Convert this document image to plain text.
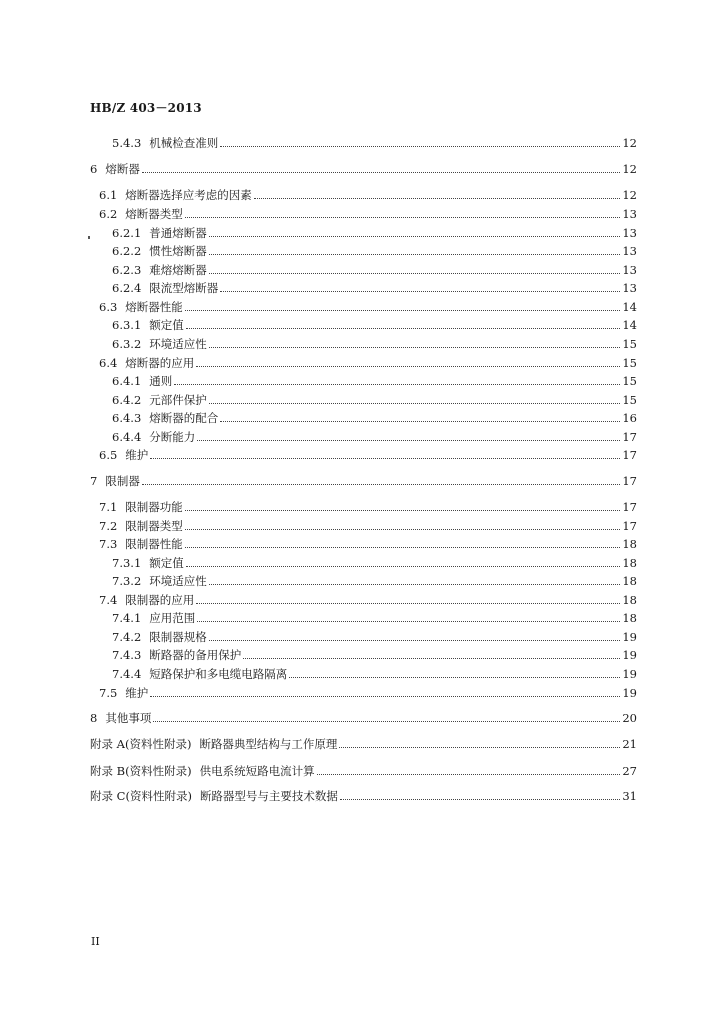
HB/Z 403－2013
5.4.3 机械检查准则	12
6 熔断器	12
6.1 熔断器选择应考虑的因素	12
6.2 熔断器类型	13
6.2.1 普通熔断器	13
6.2.2 惯性熔断器	13
6.2.3 难熔熔断器	13
6.2.4 限流型熔断器	13
6.3 熔断器性能	14
6.3.1 额定值	14
6.3.2 环境适应性	15
6.4 熔断器的应用	15
6.4.1 通则	15
6.4.2 元部件保护	15
6.4.3 熔断器的配合	16
6.4.4 分断能力	17
6.5 维护	17
7 限制器	17
7.1 限制器功能	17
7.2 限制器类型	17
7.3 限制器性能	18
7.3.1 额定值	18
7.3.2 环境适应性	18
7.4 限制器的应用	18
7.4.1 应用范围	18
7.4.2 限制器规格	19
7.4.3 断路器的备用保护	19
7.4.4 短路保护和多电缆电路隔离	19
7.5 维护	19
8 其他事项	20
附录 A(资料性附录) 断路器典型结构与工作原理	21
附录 B(资料性附录) 供电系统短路电流计算	27
附录 C(资料性附录) 断路器型号与主要技术数据	31
II
